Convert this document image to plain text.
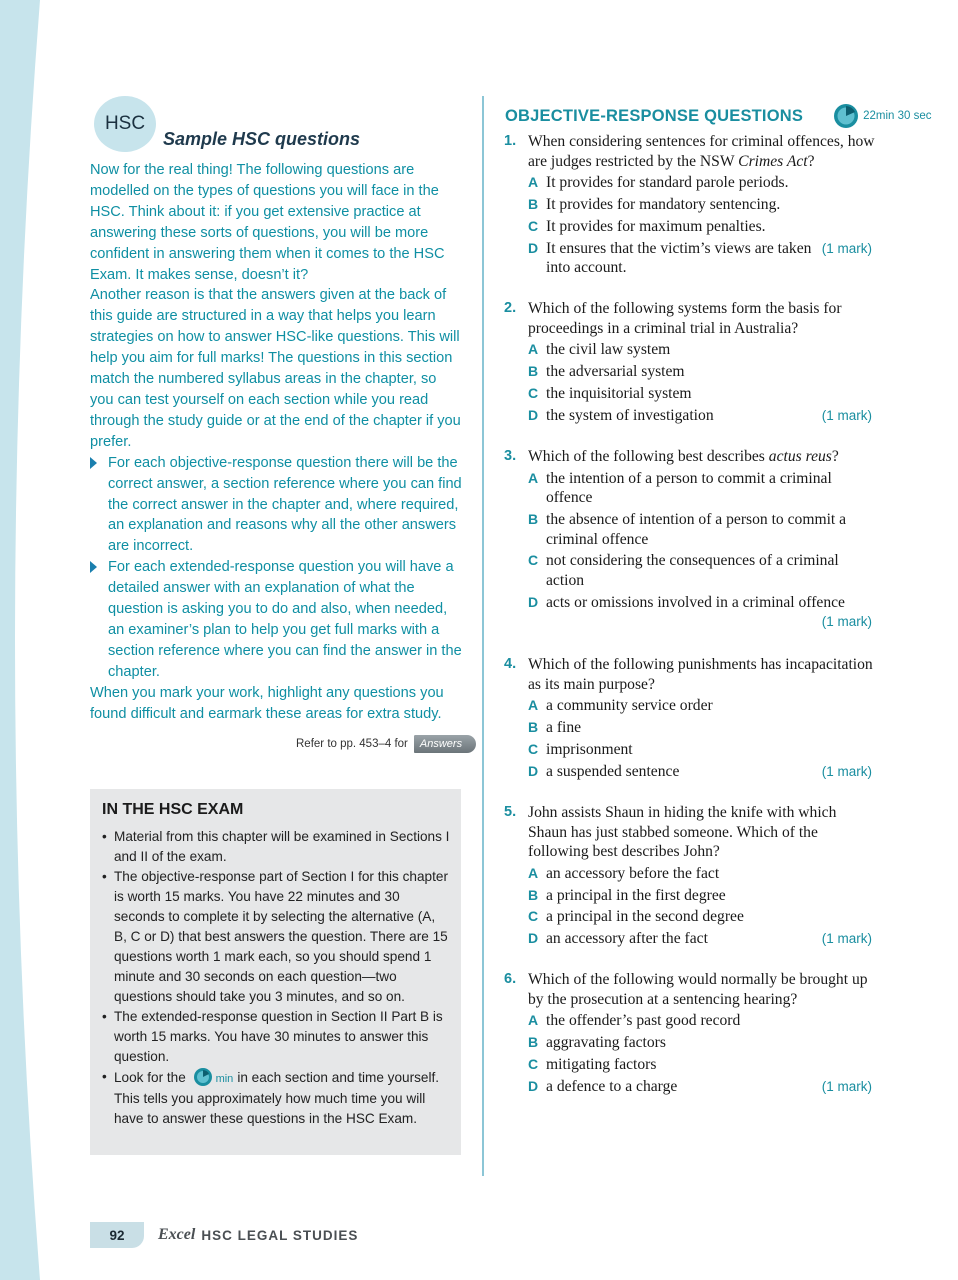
HSC
Sample HSC questions

Now for the real thing! The following questions are modelled on the types of questions you will face in the HSC. Think about it: if you get extensive practice at answering these sorts of questions, you will be more confident in answering them when it comes to the HSC Exam. It makes sense, doesn’t it?

Another reason is that the answers given at the back of this guide are structured in a way that helps you learn strategies on how to answer HSC-like questions. This will help you aim for full marks! The questions in this section match the numbered syllabus areas in the chapter, so you can test yourself on each section while you read through the study guide or at the end of the chapter if you prefer.

For each objective-response question there will be the correct answer, a section reference where you can find the correct answer in the chapter and, where required, an explanation and reasons why all the other answers are incorrect.
For each extended-response question you will have a detailed answer with an explanation of what the question is asking you to do and also, when needed, an examiner’s plan to help you get full marks with a section reference where you can find the answer in the chapter.

When you mark your work, highlight any questions you found difficult and earmark these areas for extra study.

Refer to pp. 453–4 for	Answers
IN THE HSC EXAM
• Material from this chapter will be examined in Sections I and II of the exam.
• The objective-response part of Section I for this chapter is worth 15 marks. You have 22 minutes and 30 seconds to complete it by selecting the alternative (A, B, C or D) that best answers the question. There are 15 questions worth 1 mark each, so you should spend 1 minute and 30 seconds on each question—two questions should take you 3 minutes, and so on.
• The extended-response question in Section II Part B is worth 15 marks. You have 30 minutes to answer this question.
• Look for the	min in each section and time yourself. This tells you approximately how much time you will have to answer these questions in the HSC Exam.
OBJECTIVE-RESPONSE QUESTIONS	22min 30 sec
1. When considering sentences for criminal offences, how are judges restricted by the NSW Crimes Act?
A It provides for standard parole periods.
B It provides for mandatory sentencing.
C It provides for maximum penalties.
D	(1 mark)
It ensures that the victim’s views are taken into account.
2. Which of the following systems form the basis for proceedings in a criminal trial in Australia?
A the civil law system
B the adversarial system
C the inquisitorial system
D	(1 mark)
the system of investigation
3. Which of the following best describes actus reus?
A the intention of a person to commit a criminal offence
B the absence of intention of a person to commit a criminal offence
C not considering the consequences of a criminal action
D acts or omissions involved in a criminal offence
(1 mark)
4. Which of the following punishments has incapacitation as its main purpose?
A a community service order
B a fine
C imprisonment
D	(1 mark)
a suspended sentence
5. John assists Shaun in hiding the knife with which Shaun has just stabbed someone. Which of the following best describes John?
A an accessory before the fact
B a principal in the first degree
C a principal in the second degree
D	(1 mark)
an accessory after the fact
6. Which of the following would normally be brought up by the prosecution at a sentencing hearing?
A the offender’s past good record
B aggravating factors
C mitigating factors
D	(1 mark)
a defence to a charge
92	Excel HSC LEGAL STUDIES
